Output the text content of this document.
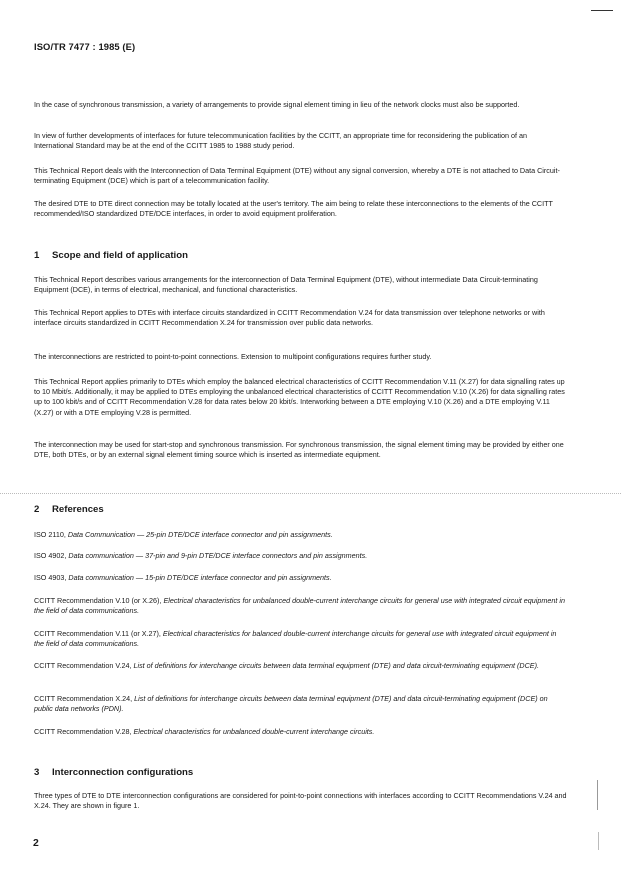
ISO/TR 7477 : 1985 (E)

In the case of synchronous transmission, a variety of arrangements to provide signal element timing in lieu of the network clocks must also be supported.

In view of further developments of interfaces for future telecommunication facilities by the CCITT, an appropriate time for reconsidering the publication of an International Standard may be at the end of the CCITT 1985 to 1988 study period.

This Technical Report deals with the Interconnection of Data Terminal Equipment (DTE) without any signal conversion, whereby a DTE is not attached to Data Circuit-terminating Equipment (DCE) which is part of a telecommunication facility.

The desired DTE to DTE direct connection may be totally located at the user's territory. The aim being to relate these interconnections to the elements of the CCITT recommended/ISO standardized DTE/DCE interfaces, in order to avoid equipment proliferation.

1 Scope and field of application

This Technical Report describes various arrangements for the interconnection of Data Terminal Equipment (DTE), without intermediate Data Circuit-terminating Equipment (DCE), in terms of electrical, mechanical, and functional characteristics.

This Technical Report applies to DTEs with interface circuits standardized in CCITT Recommendation V.24 for data transmission over telephone networks or with interface circuits standardized in CCITT Recommendation X.24 for transmission over public data networks.

The interconnections are restricted to point-to-point connections. Extension to multipoint configurations requires further study.

This Technical Report applies primarily to DTEs which employ the balanced electrical characteristics of CCITT Recommendation V.11 (X.27) for data signalling rates up to 10 Mbit/s. Additionally, it may be applied to DTEs employing the unbalanced electrical characteristics of CCITT Recommendation V.10 (X.26) for data signalling rates up to 100 kbit/s and of CCITT Recommendation V.28 for data rates below 20 kbit/s. Interworking between a DTE employing V.10 (X.26) and a DTE employing V.11 (X.27) or with a DTE employing V.28 is permitted.

The interconnection may be used for start-stop and synchronous transmission. For synchronous transmission, the signal element timing may be provided by either one DTE, both DTEs, or by an external signal element timing source which is inserted as intermediate equipment.

2 References

ISO 2110, Data Communication — 25-pin DTE/DCE interface connector and pin assignments.

ISO 4902, Data communication — 37-pin and 9-pin DTE/DCE interface connectors and pin assignments.

ISO 4903, Data communication — 15-pin DTE/DCE interface connector and pin assignments.

CCITT Recommendation V.10 (or X.26), Electrical characteristics for unbalanced double-current interchange circuits for general use with integrated circuit equipment in the field of data communications.

CCITT Recommendation V.11 (or X.27), Electrical characteristics for balanced double-current interchange circuits for general use with integrated circuit equipment in the field of data communications.

CCITT Recommendation V.24, List of definitions for interchange circuits between data terminal equipment (DTE) and data circuit-terminating equipment (DCE).

CCITT Recommendation X.24, List of definitions for interchange circuits between data terminal equipment (DTE) and data circuit-terminating equipment (DCE) on public data networks (PDN).

CCITT Recommendation V.28, Electrical characteristics for unbalanced double-current interchange circuits.

3 Interconnection configurations

Three types of DTE to DTE interconnection configurations are considered for point-to-point connections with interfaces according to CCITT Recommendations V.24 and X.24. They are shown in figure 1.

2
